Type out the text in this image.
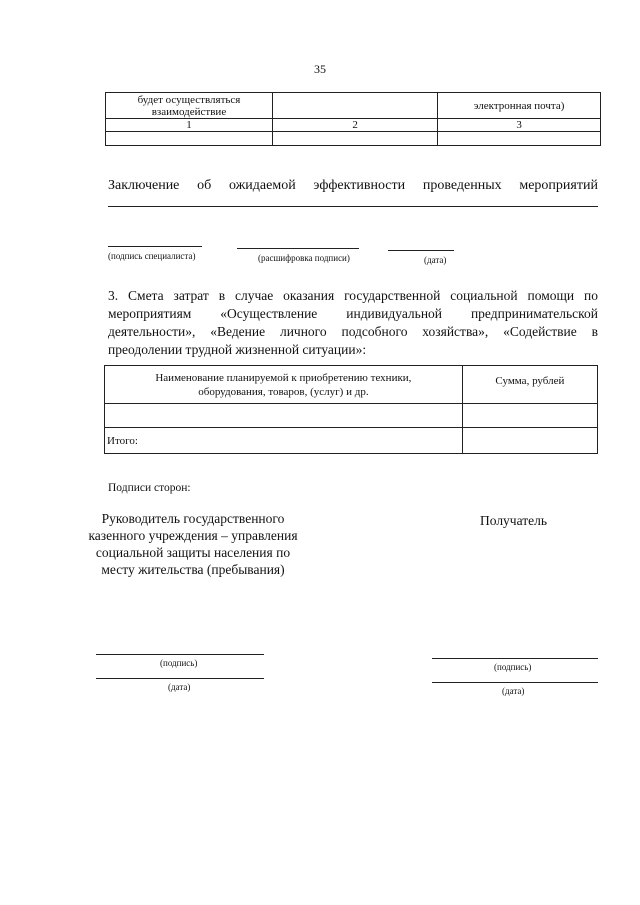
35
будет осуществляться взаимодействие		электронная почта)
1	2	3

Заключение об ожидаемой эффективности проведенных мероприятий
(подпись специалиста)	(расшифровка подписи)	(дата)
3. Смета затрат в случае оказания государственной социальной помощи по мероприятиям «Осуществление индивидуальной предпринимательской деятельности», «Ведение личного подсобного хозяйства», «Содействие в преодолении трудной жизненной ситуации»:
Наименование планируемой к приобретению техники, оборудования, товаров, (услуг) и др.	Сумма, рублей

Итого:	
Подписи сторон:
Руководитель государственного казенного учреждения – управления социальной защиты населения по месту жительства (пребывания)
Получатель
(подпись)
(дата)
(подпись)
(дата)
